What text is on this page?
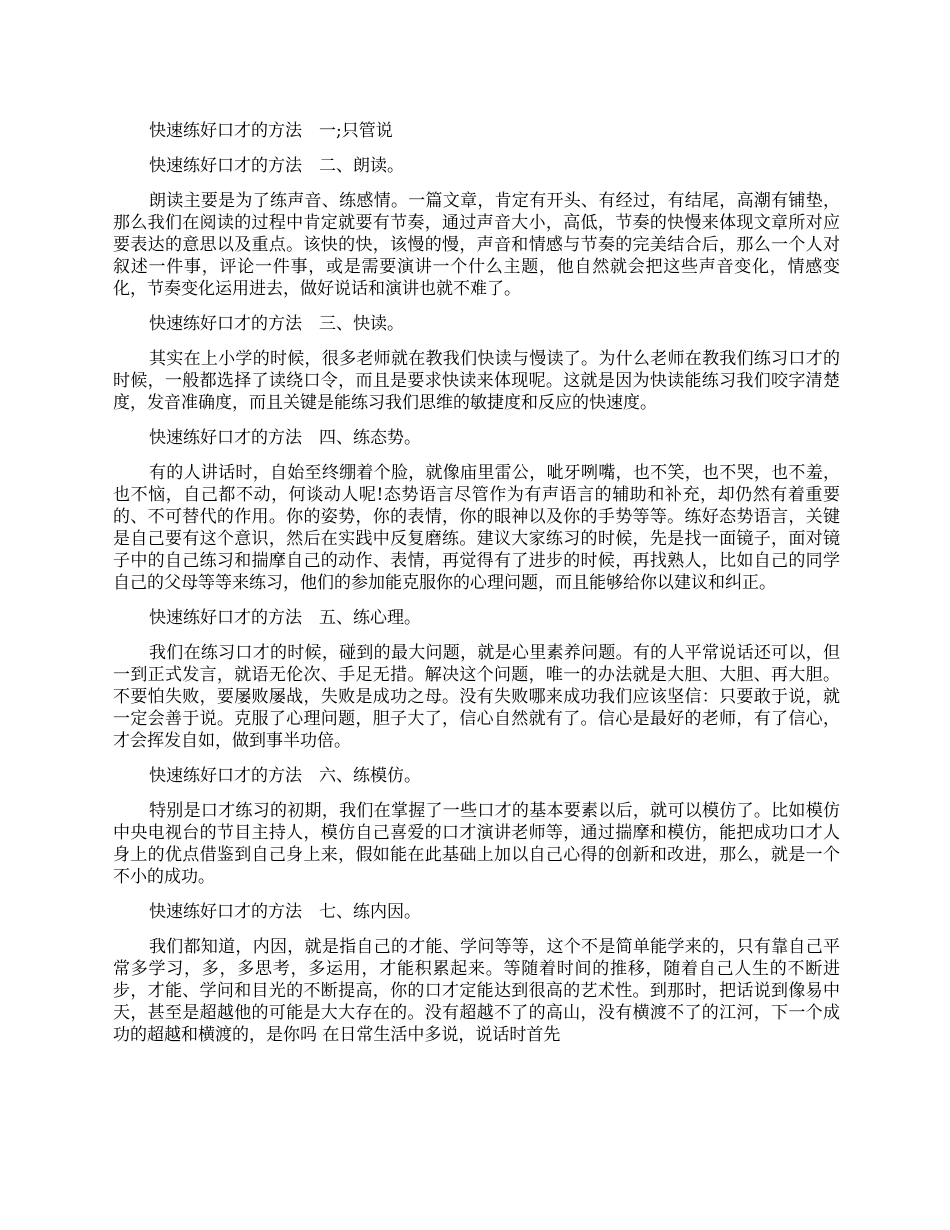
快速练好口才的方法　一;只管说
快速练好口才的方法　二、朗读。

朗读主要是为了练声音、练感情。一篇文章，肯定有开头、有经过，有结尾，高潮有铺垫，那么我们在阅读的过程中肯定就要有节奏，通过声音大小，高低，节奏的快慢来体现文章所对应要表达的意思以及重点。该快的快，该慢的慢，声音和情感与节奏的完美结合后，那么一个人对叙述一件事，评论一件事，或是需要演讲一个什么主题，他自然就会把这些声音变化，情感变化，节奏变化运用进去，做好说话和演讲也就不难了。

快速练好口才的方法　三、快读。

其实在上小学的时候，很多老师就在教我们快读与慢读了。为什么老师在教我们练习口才的时候，一般都选择了读绕口令，而且是要求快读来体现呢。这就是因为快读能练习我们咬字清楚度，发音准确度，而且关键是能练习我们思维的敏捷度和反应的快速度。

快速练好口才的方法　四、练态势。

有的人讲话时，自始至终绷着个脸，就像庙里雷公，呲牙咧嘴，也不笑，也不哭，也不羞，也不恼，自己都不动，何谈动人呢!态势语言尽管作为有声语言的辅助和补充，却仍然有着重要的、不可替代的作用。你的姿势，你的表情，你的眼神以及你的手势等等。练好态势语言，关键是自己要有这个意识，然后在实践中反复磨练。建议大家练习的时候，先是找一面镜子，面对镜子中的自己练习和揣摩自己的动作、表情，再觉得有了进步的时候，再找熟人，比如自己的同学自己的父母等等来练习，他们的参加能克服你的心理问题，而且能够给你以建议和纠正。

快速练好口才的方法　五、练心理。

我们在练习口才的时候，碰到的最大问题，就是心里素养问题。有的人平常说话还可以，但一到正式发言，就语无伦次、手足无措。解决这个问题，唯一的办法就是大胆、大胆、再大胆。不要怕失败，要屡败屡战，失败是成功之母。没有失败哪来成功我们应该坚信：只要敢于说，就一定会善于说。克服了心理问题，胆子大了，信心自然就有了。信心是最好的老师，有了信心，才会挥发自如，做到事半功倍。

快速练好口才的方法　六、练模仿。

特别是口才练习的初期，我们在掌握了一些口才的基本要素以后，就可以模仿了。比如模仿中央电视台的节目主持人，模仿自己喜爱的口才演讲老师等，通过揣摩和模仿，能把成功口才人身上的优点借鉴到自己身上来，假如能在此基础上加以自己心得的创新和改进，那么，就是一个不小的成功。

快速练好口才的方法　七、练内因。

我们都知道，内因，就是指自己的才能、学问等等，这个不是简单能学来的，只有靠自己平常多学习，多，多思考，多运用，才能积累起来。等随着时间的推移，随着自己人生的不断进步，才能、学问和目光的不断提高，你的口才定能达到很高的艺术性。到那时，把话说到像易中天，甚至是超越他的可能是大大存在的。没有超越不了的高山，没有横渡不了的江河，下一个成功的超越和横渡的，是你吗 在日常生活中多说，说话时首先
